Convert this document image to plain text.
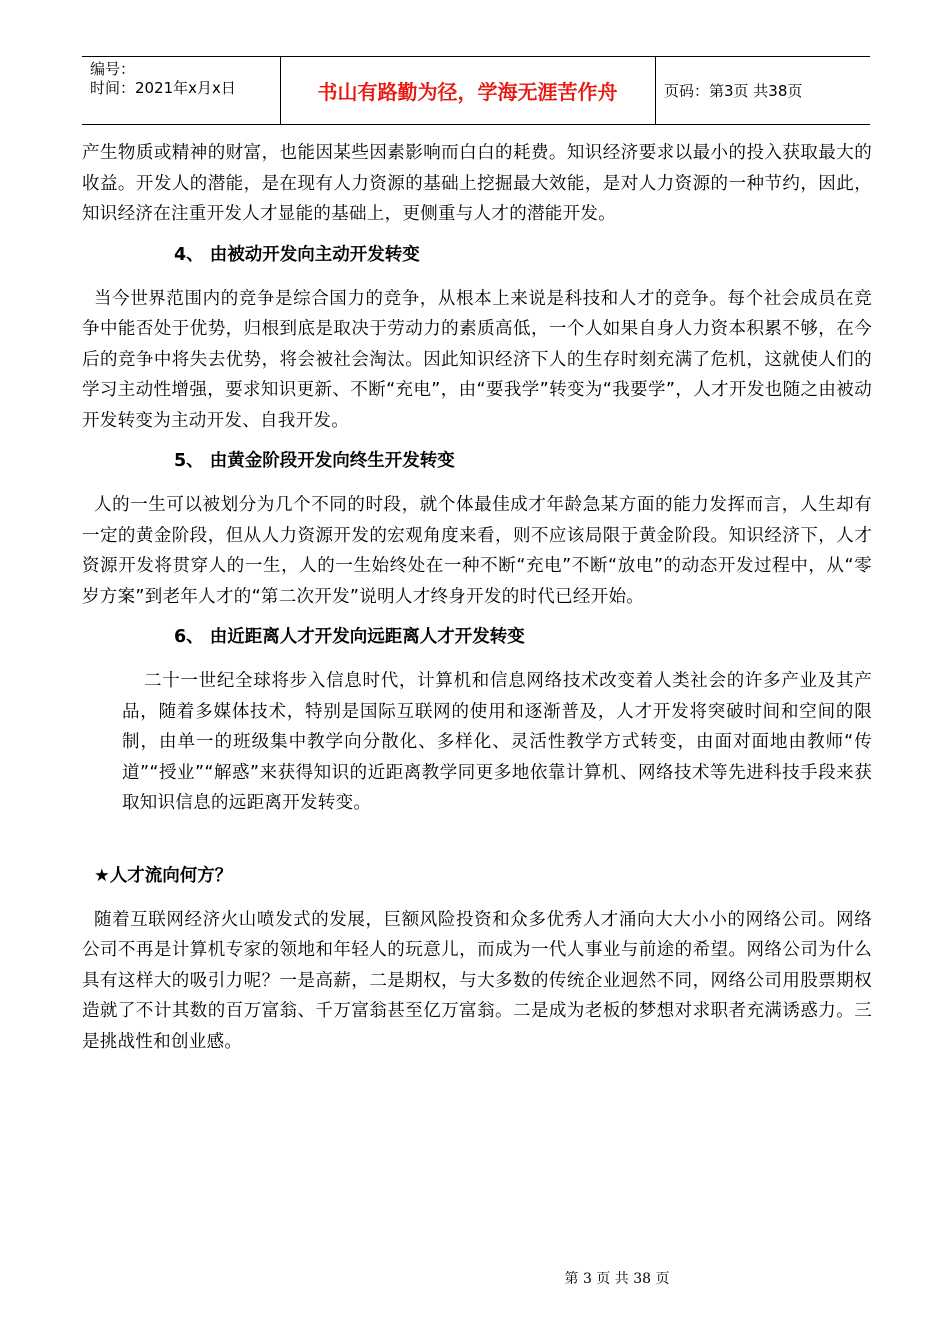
编号：
时间：2021年x月x日	书山有路勤为径，学海无涯苦作舟	页码：第3页 共38页

产生物质或精神的财富，也能因某些因素影响而白白的耗费。知识经济要求以最小的投入获取最大的收益。开发人的潜能，是在现有人力资源的基础上挖掘最大效能，是对人力资源的一种节约，因此，知识经济在注重开发人才显能的基础上，更侧重与人才的潜能开发。

4、 由被动开发向主动开发转变

当今世界范围内的竞争是综合国力的竞争，从根本上来说是科技和人才的竞争。每个社会成员在竞争中能否处于优势，归根到底是取决于劳动力的素质高低，一个人如果自身人力资本积累不够，在今后的竞争中将失去优势，将会被社会淘汰。因此知识经济下人的生存时刻充满了危机，这就使人们的学习主动性增强，要求知识更新、不断“充电”，由“要我学”转变为“我要学”，人才开发也随之由被动开发转变为主动开发、自我开发。

5、 由黄金阶段开发向终生开发转变

人的一生可以被划分为几个不同的时段，就个体最佳成才年龄急某方面的能力发挥而言，人生却有一定的黄金阶段，但从人力资源开发的宏观角度来看，则不应该局限于黄金阶段。知识经济下，人才资源开发将贯穿人的一生，人的一生始终处在一种不断“充电”不断“放电”的动态开发过程中，从“零岁方案”到老年人才的“第二次开发”说明人才终身开发的时代已经开始。

6、 由近距离人才开发向远距离人才开发转变

二十一世纪全球将步入信息时代，计算机和信息网络技术改变着人类社会的许多产业及其产品，随着多媒体技术，特别是国际互联网的使用和逐渐普及，人才开发将突破时间和空间的限制，由单一的班级集中教学向分散化、多样化、灵活性教学方式转变，由面对面地由教师“传道”“授业”“解惑”来获得知识的近距离教学同更多地依靠计算机、网络技术等先进科技手段来获取知识信息的远距离开发转变。

★人才流向何方？

随着互联网经济火山喷发式的发展，巨额风险投资和众多优秀人才涌向大大小小的网络公司。网络公司不再是计算机专家的领地和年轻人的玩意儿，而成为一代人事业与前途的希望。网络公司为什么具有这样大的吸引力呢？一是高薪，二是期权，与大多数的传统企业迥然不同，网络公司用股票期权造就了不计其数的百万富翁、千万富翁甚至亿万富翁。二是成为老板的梦想对求职者充满诱惑力。三是挑战性和创业感。

第 3 页 共 38 页
